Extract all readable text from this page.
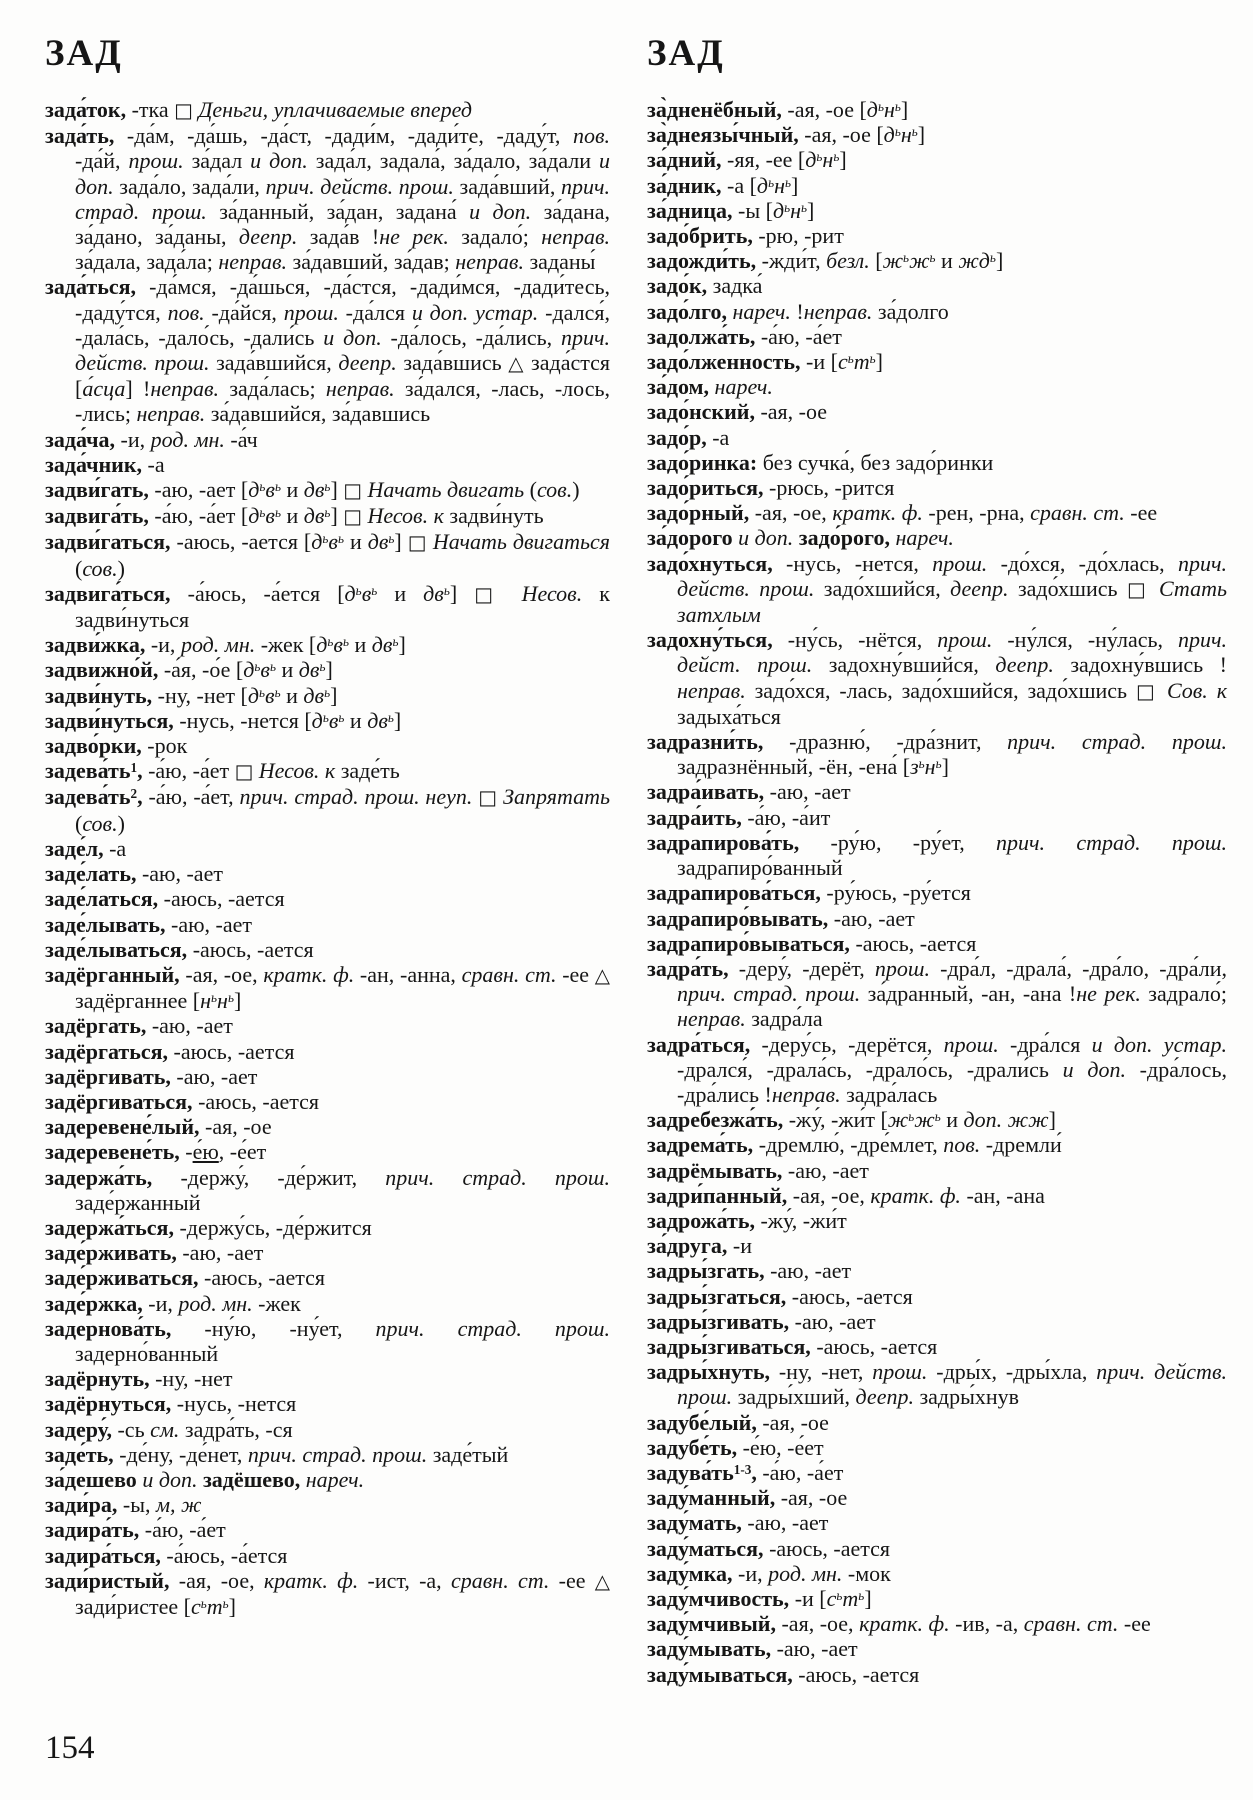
ЗАД

зада́ток, -тка □ Деньги, уплачиваемые вперед

зада́ть, -да́м, -да́шь, -да́ст, -дади́м, -дади́те, -даду́т, пов. -да́й, прош. за́дал и доп. зада́л, задала́, за́дало, за́дали и доп. зада́ло, зада́ли, прич. действ. прош. зада́вший, прич. страд. прош. за́данный, за́дан, задана́ и доп. за́дана, за́дано, за́даны, деепр. зада́в !не рек. задало́; неправ. за́дала, зада́ла; неправ. за́давший, за́дав; неправ. заданы́

зада́ться, -да́мся, -да́шься, -да́стся, -дади́мся, -дади́тесь, -даду́тся, пов. -да́йся, прош. -да́лся и доп. устар. -дался́, -дала́сь, -дало́сь, -дали́сь и доп. -да́лось, -да́лись, прич. действ. прош. зада́вшийся, деепр. зада́вшись △ зада́стся [а́сца] !неправ. зада́лась; неправ. за́дался, -лась, -лось, -лись; неправ. за́давшийся, за́давшись

зада́ча, -и, род. мн. -а́ч

зада́чник, -а

задви́гать, -аю, -ает [$д^ьв^ь$ и $дв^ь$] □ Начать двигать (сов.)

задвига́ть, -а́ю, -а́ет [$д^ьв^ь$ и $дв^ь$] □ Несов. к задви́нуть

задви́гаться, -аюсь, -ается [$д^ьв^ь$ и $дв^ь$] □ Начать двигаться (сов.)

задвига́ться, -а́юсь, -а́ется [$д^ьв^ь$ и $дв^ь$] □ Несов. к задви́нуться

задви́жка, -и, род. мн. -жек [$д^ьв^ь$ и $дв^ь$]

задвижно́й, -а́я, -о́е [$д^ьв^ь$ и $дв^ь$]

задви́нуть, -ну, -нет [$д^ьв^ь$ и $дв^ь$]

задви́нуться, -нусь, -нется [$д^ьв^ь$ и $дв^ь$]

задво́рки, -рок

$задева́ть^1$, -а́ю, -а́ет □ Несов. к заде́ть

$задева́ть^2$, -а́ю, -а́ет, прич. страд. прош. неуп. □ Запрятать (сов.)

заде́л, -а

заде́лать, -аю, -ает

заде́латься, -аюсь, -ается

заде́лывать, -аю, -ает

заде́лываться, -аюсь, -ается

задёрганный, -ая, -ое, кратк. ф. -ан, -анна, сравн. ст. -ее △ задёрганнее $[н^ьн^ь]$

задёргать, -аю, -ает

задёргаться, -аюсь, -ается

задёргивать, -аю, -ает

задёргиваться, -аюсь, -ается

задеревене́лый, -ая, -ое

задеревене́ть, -е́ю, -е́ет

задержа́ть, -держу́, -де́ржит, прич. страд. прош. заде́ржанный

задержа́ться, -держу́сь, -де́ржится

заде́рживать, -аю, -ает

заде́рживаться, -аюсь, -ается

заде́ржка, -и, род. мн. -жек

задернова́ть, -ну́ю, -ну́ет, прич. страд. прош. задерно́ванный

задёрнуть, -ну, -нет

задёрнуться, -нусь, -нется

задеру́, -сь см. задра́ть, -ся

заде́ть, -де́ну, -де́нет, прич. страд. прош. заде́тый

за́дешево и доп. задёшево, нареч.

зади́ра, -ы, м, ж

задира́ть, -а́ю, -а́ет

задира́ться, -а́юсь, -а́ется

зади́ристый, -ая, -ое, кратк. ф. -ист, -а, сравн. ст. -ее △ зади́ристее $[с^ьт^ь]$

ЗАД

за̀дненёбный, -ая, -ое $[д^ьн^ь]$

за̀днеязы́чный, -ая, -ое $[д^ьн^ь]$

за́дний, -яя, -ее $[д^ьн^ь]$

за́дник, -а $[д^ьн^ь]$

за́дница, -ы $[д^ьн^ь]$

задо́брить, -рю, -рит

задожди́ть, -жди́т, безл. [$ж^ьж^ь$ и $жд^ь$]

задо́к, задка́

задо́лго, нареч. !неправ. за́долго

задолжа́ть, -а́ю, -а́ет

задо́лженность, -и $[с^ьт^ь]$

за́дом, нареч.

задо́нский, -ая, -ое

задо́р, -а

задо́ринка: без сучка́, без задо́ринки

задо́риться, -рюсь, -рится

задо́рный, -ая, -ое, кратк. ф. -рен, -рна, сравн. ст. -ее

за́дорого и доп. задо́рого, нареч.

задо́хнуться, -нусь, -нется, прош. -до́хся, -до́хлась, прич. действ. прош. задо́хшийся, деепр. задо́хшись □ Стать затхлым

задохну́ться, -ну́сь, -нётся, прош. -ну́лся, -ну́лась, прич. дейст. прош. задохну́вшийся, деепр. задохну́вшись !неправ. задо́хся, -лась, задо́хшийся, задо́хшись □ Сов. к задыха́ться

задразни́ть, -дразню́, -дра́знит, прич. страд. прош. задразнённый, -ён, -ена́ $[з^ьн^ь]$

задра́ивать, -аю, -ает

задра́ить, -а́ю, -а́ит

задрапирова́ть, -ру́ю, -ру́ет, прич. страд. прош. задрапиро́ванный

задрапирова́ться, -ру́юсь, -ру́ется

задрапиро́вывать, -аю, -ает

задрапиро́вываться, -аюсь, -ается

задра́ть, -деру́, -дерёт, прош. -дра́л, -драла́, -дра́ло, -дра́ли, прич. страд. прош. за́дранный, -ан, -ана !не рек. задрало́; неправ. задра́ла

задра́ться, -деру́сь, -дерётся, прош. -дра́лся и доп. устар. -дрался́, -драла́сь, -драло́сь, -драли́сь и доп. -дра́лось, -дра́лись !неправ. задра́лась

задребезжа́ть, -жу́, -жи́т [$ж^ьж^ь$ и доп. жж]

задрема́ть, -дремлю́, -дре́млет, пов. -дремли́

задрёмывать, -аю, -ает

задри́панный, -ая, -ое, кратк. ф. -ан, -ана

задрожа́ть, -жу́, -жи́т

за́друга, -и

задры́згать, -аю, -ает

задры́згаться, -аюсь, -ается

задры́згивать, -аю, -ает

задры́згиваться, -аюсь, -ается

задры́хнуть, -ну, -нет, прош. -дры́х, -дры́хла, прич. действ. прош. задры́хший, деепр. задры́хнув

задубе́лый, -ая, -ое

задубе́ть, -е́ю, -е́ет

$задува́ть^{1-3}$, -а́ю, -а́ет

заду́манный, -ая, -ое

заду́мать, -аю, -ает

заду́маться, -аюсь, -ается

заду́мка, -и, род. мн. -мок

заду́мчивость, -и $[с^ьт^ь]$

заду́мчивый, -ая, -ое, кратк. ф. -ив, -а, сравн. ст. -ее

заду́мывать, -аю, -ает

заду́мываться, -аюсь, -ается

154
